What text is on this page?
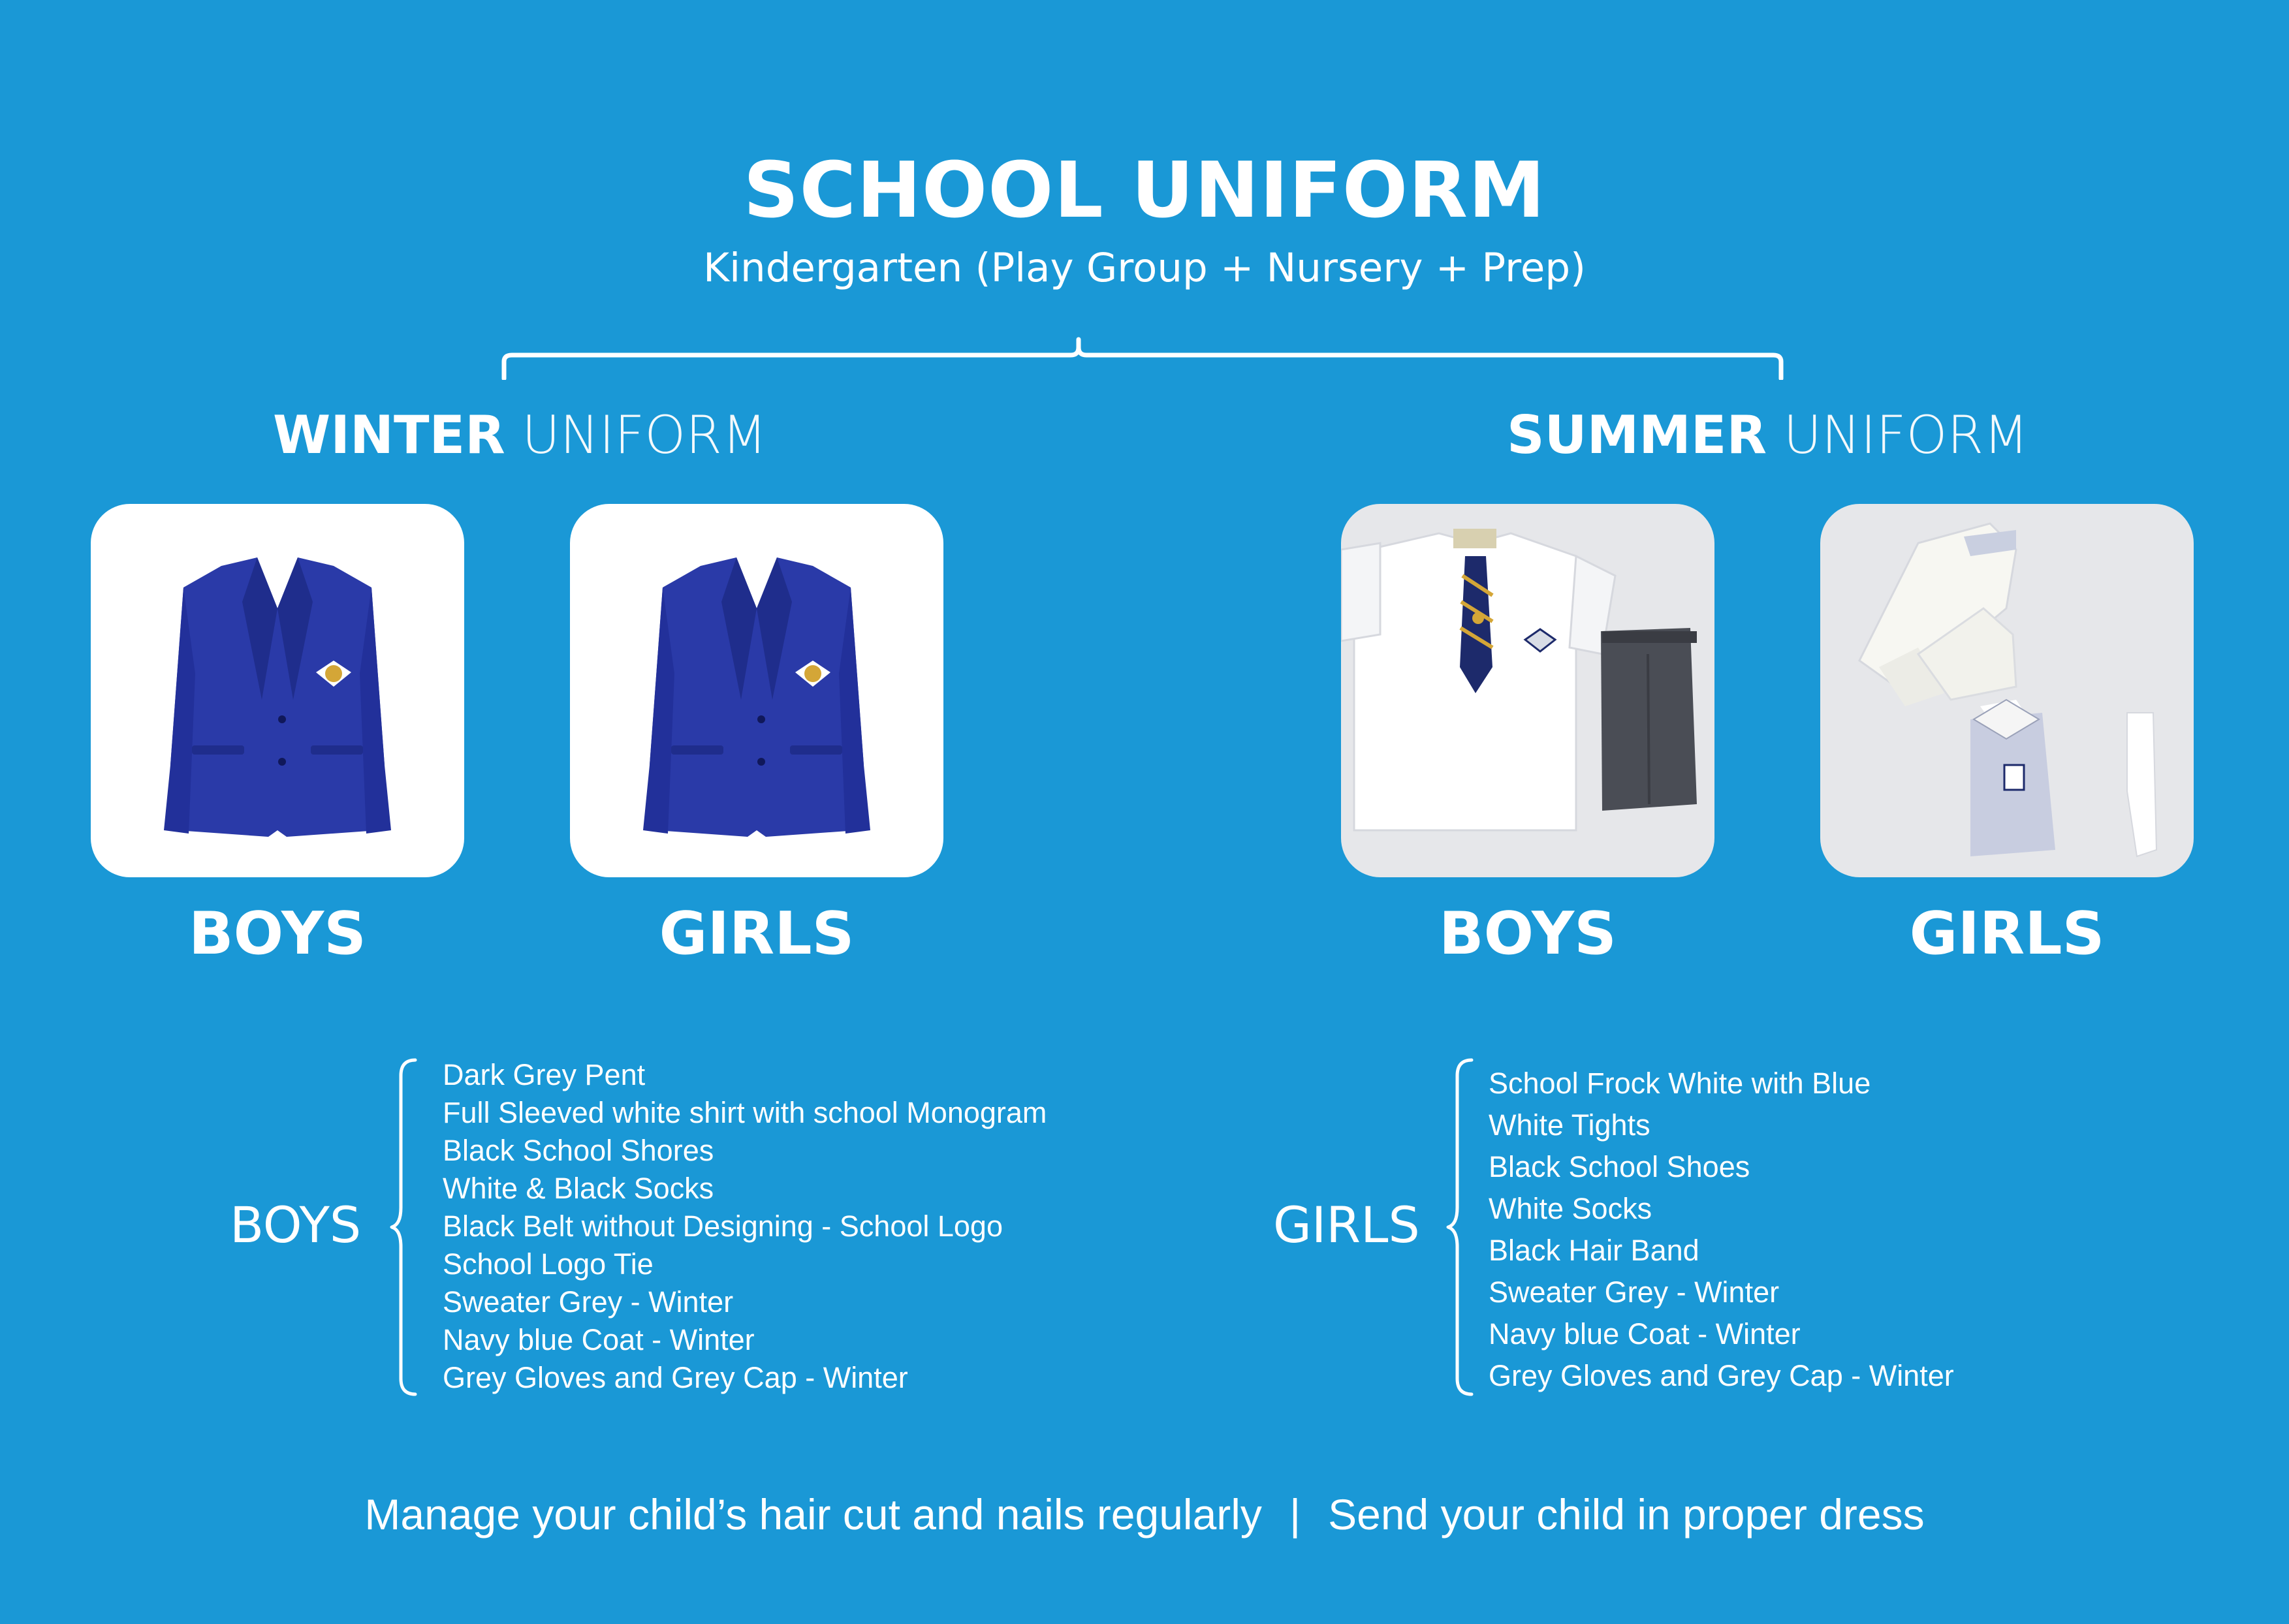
SCHOOL UNIFORM
Kindergarten (Play Group + Nursery + Prep)
WINTER UNIFORM	SUMMER UNIFORM
BOYS	GIRLS	BOYS	GIRLS
BOYS
Dark Grey Pent
Full Sleeved white shirt with school Monogram
Black School Shores
White & Black Socks
Black Belt without Designing - School Logo
School Logo Tie
Sweater Grey - Winter
Navy blue Coat - Winter
Grey Gloves and Grey Cap - Winter
GIRLS
School Frock White with Blue
White Tights
Black School Shoes
White Socks
Black Hair Band
Sweater Grey - Winter
Navy blue Coat - Winter
Grey Gloves and Grey Cap - Winter
Manage your child’s hair cut and nails regularly | Send your child in proper dress
